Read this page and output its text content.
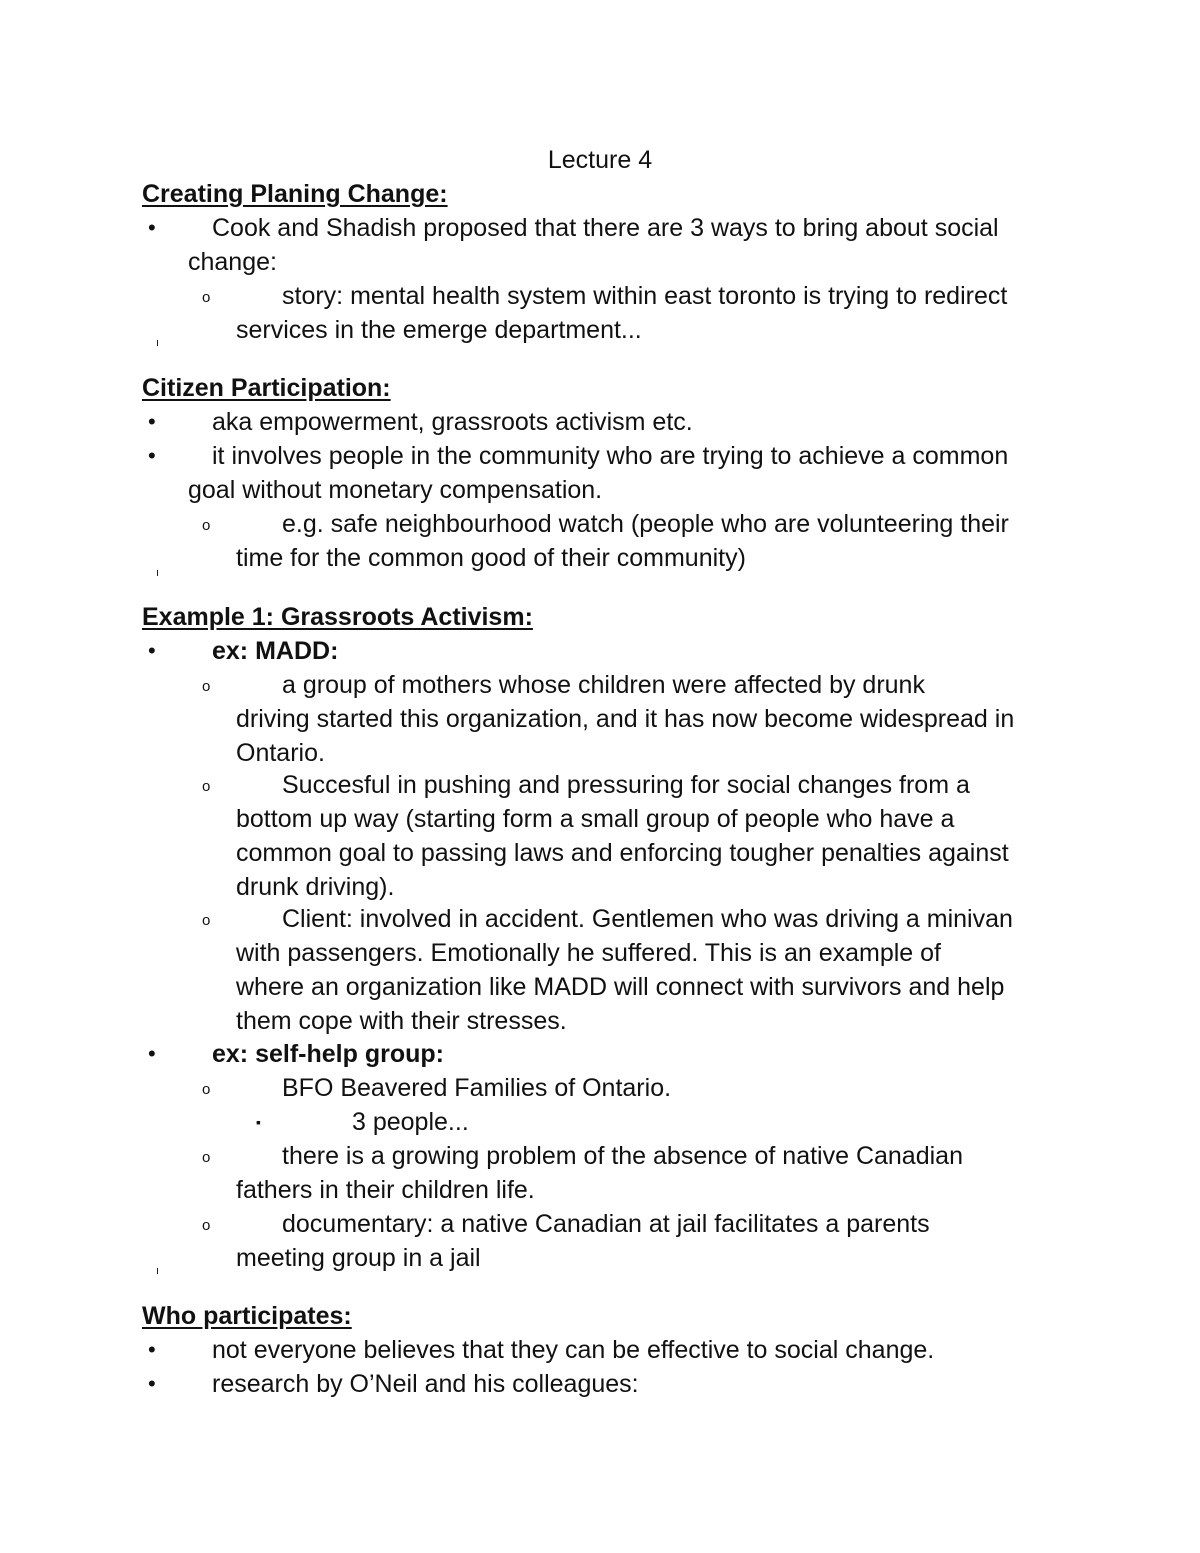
Lecture 4
Creating Planing Change:
•	Cook and Shadish proposed that there are 3 ways to bring about social
change:
o	story: mental health system within east toronto is trying to redirect
services in the emerge department...
Citizen Participation:
•	aka empowerment, grassroots activism etc.
•	it involves people in the community who are trying to achieve a common
goal without monetary compensation.
o	e.g. safe neighbourhood watch (people who are volunteering their
time for the common good of their community)
Example 1: Grassroots Activism:
•	ex: MADD:
o	a group of mothers whose children were affected by drunk
driving started this organization, and it has now become widespread in
Ontario.
o	Succesful in pushing and pressuring for social changes from a
bottom up way (starting form a small group of people who have a
common goal to passing laws and enforcing tougher penalties against
drunk driving).
o	Client: involved in accident. Gentlemen who was driving a minivan
with passengers. Emotionally he suffered. This is an example of
where an organization like MADD will connect with survivors and help
them cope with their stresses.
•	ex: self-help group:
o	BFO Beavered Families of Ontario.
▪	3 people...
o	there is a growing problem of the absence of native Canadian
fathers in their children life.
o	documentary: a native Canadian at jail facilitates a parents
meeting group in a jail
Who participates:
•	not everyone believes that they can be effective to social change.
•	research by O’Neil and his colleagues:
